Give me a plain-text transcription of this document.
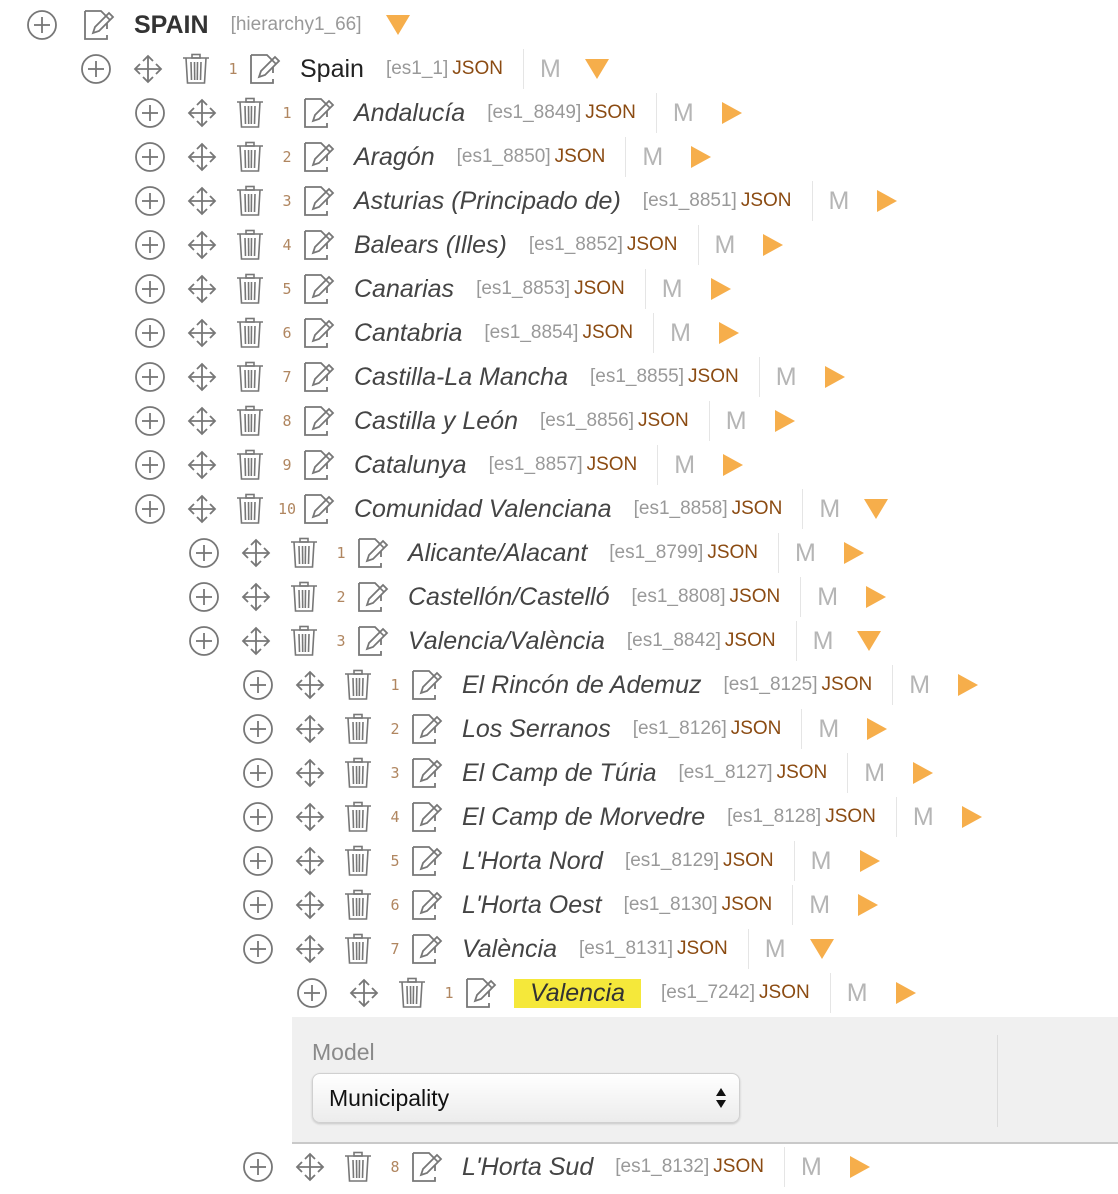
SPAIN [hierarchy1_66]
Model
Municipality
1 Spain [es1_1] JSON M
1 Andalucía [es1_8849] JSON M
2 Aragón [es1_8850] JSON M
3 Asturias (Principado de) [es1_8851] JSON M
4 Balears (Illes) [es1_8852] JSON M
5 Canarias [es1_8853] JSON M
6 Cantabria [es1_8854] JSON M
7 Castilla-La Mancha [es1_8855] JSON M
8 Castilla y León [es1_8856] JSON M
9 Catalunya [es1_8857] JSON M
10 Comunidad Valenciana [es1_8858] JSON M
1 Alicante/Alacant [es1_8799] JSON M
2 Castellón/Castelló [es1_8808] JSON M
3 Valencia/València [es1_8842] JSON M
1 El Rincón de Ademuz [es1_8125] JSON M
2 Los Serranos [es1_8126] JSON M
3 El Camp de Túria [es1_8127] JSON M
4 El Camp de Morvedre [es1_8128] JSON M
5 L'Horta Nord [es1_8129] JSON M
6 L'Horta Oest [es1_8130] JSON M
7 València [es1_8131] JSON M
1	Valencia	[es1_7242] JSON M
8 L'Horta Sud [es1_8132] JSON M
